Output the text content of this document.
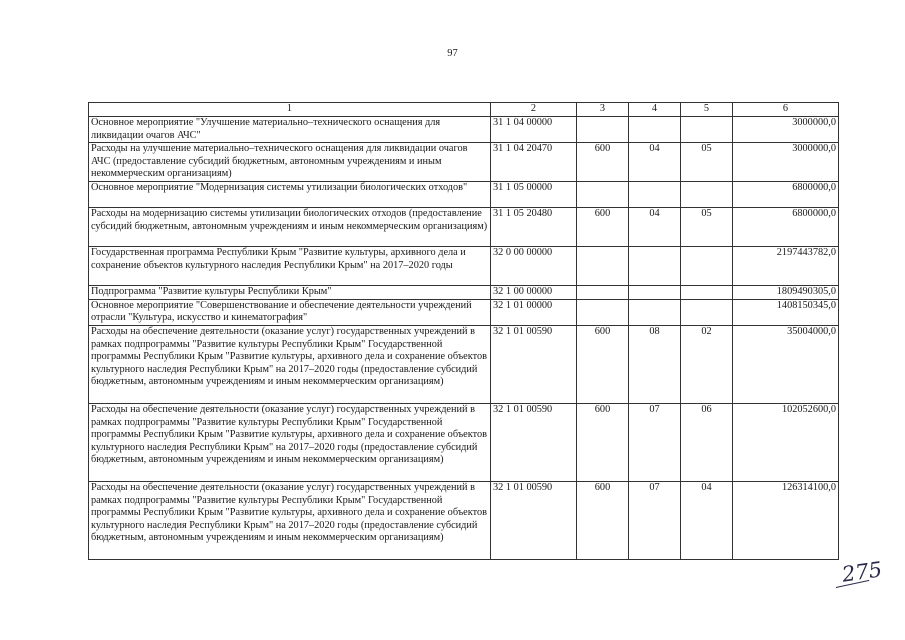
97
1	2	3	4	5	6
Основное мероприятие "Улучшение материально–технического оснащения для ликвидации очагов АЧС"	31 1 04 00000				3000000,0
Расходы на улучшение материально–технического оснащения для ликвидации очагов АЧС (предоставление субсидий бюджетным, автономным учреждениям и иным некоммерческим организациям)	31 1 04 20470	600	04	05	3000000,0
Основное мероприятие "Модернизация системы утилизации биологических отходов"	31 1 05 00000				6800000,0
Расходы на модернизацию системы утилизации биологических отходов (предоставление субсидий бюджетным, автономным учреждениям и иным некоммерческим организациям)	31 1 05 20480	600	04	05	6800000,0
Государственная программа Республики Крым "Развитие культуры, архивного дела и сохранение объектов культурного наследия Республики Крым" на 2017–2020 годы	32 0 00 00000				2197443782,0
Подпрограмма "Развитие культуры Республики Крым"	32 1 00 00000				1809490305,0
Основное мероприятие "Совершенствование и обеспечение деятельности учреждений отрасли "Культура, искусство и кинематография"	32 1 01 00000				1408150345,0
Расходы на обеспечение деятельности (оказание услуг) государственных учреждений в рамках подпрограммы "Развитие культуры Республики Крым" Государственной программы Республики Крым "Развитие культуры, архивного дела и сохранение объектов культурного наследия Республики Крым" на 2017–2020 годы (предоставление субсидий бюджетным, автономным учреждениям и иным некоммерческим организациям)	32 1 01 00590	600	08	02	35004000,0
Расходы на обеспечение деятельности (оказание услуг) государственных учреждений в рамках подпрограммы "Развитие культуры Республики Крым" Государственной программы Республики Крым "Развитие культуры, архивного дела и сохранение объектов культурного наследия Республики Крым" на 2017–2020 годы (предоставление субсидий бюджетным, автономным учреждениям и иным некоммерческим организациям)	32 1 01 00590	600	07	06	102052600,0
Расходы на обеспечение деятельности (оказание услуг) государственных учреждений в рамках подпрограммы "Развитие культуры Республики Крым" Государственной программы Республики Крым "Развитие культуры, архивного дела и сохранение объектов культурного наследия Республики Крым" на 2017–2020 годы (предоставление субсидий бюджетным, автономным учреждениям и иным некоммерческим организациям)	32 1 01 00590	600	07	04	126314100,0
275
